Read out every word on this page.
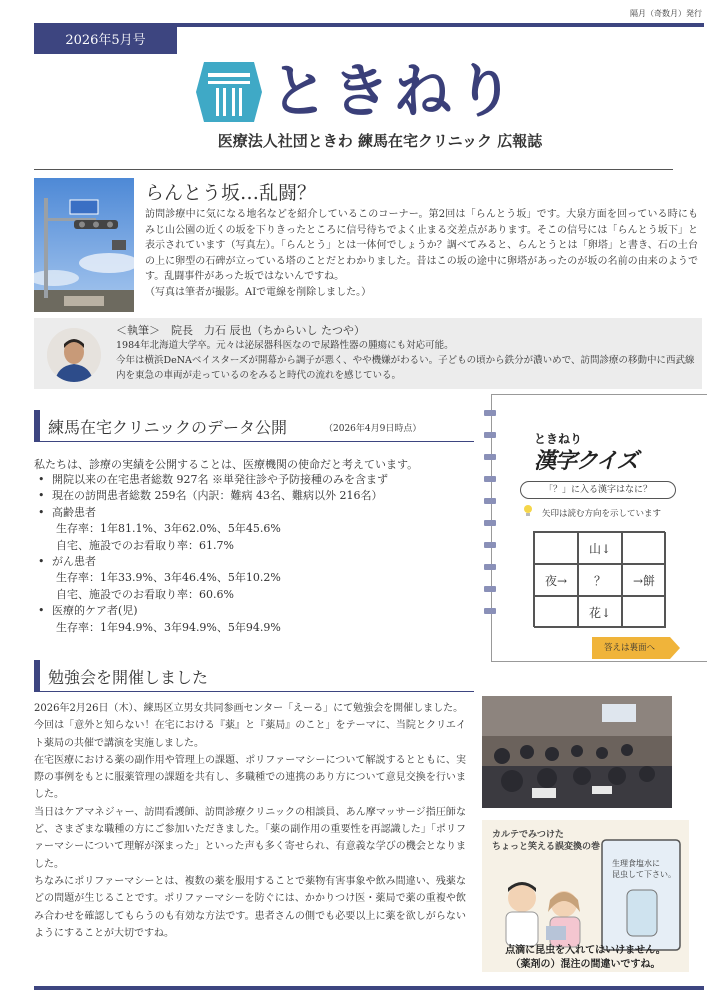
2026年5月号
隔月（奇数月）発行
ときねり
医療法人社団ときわ 練馬在宅クリニック 広報誌
らんとう坂…乱闘？
訪問診療中に気になる地名などを紹介しているこのコーナー。第2回は「らんとう坂」です。大泉方面を回っている時にもみじ山公園の近くの坂を下りきったところに信号待ちでよく止まる交差点があります。そこの信号には「らんとう坂下」と表示されています（写真左）。「らんとう」とは一体何でしょうか？調べてみると、らんとうとは「卵塔」と書き、石の土台の上に卵型の石碑が立っている塔のことだとわかりました。昔はこの坂の途中に卵塔があったのが坂の名前の由来のようです。乱闘事件があった坂ではないんですね。
（写真は筆者が撮影。AIで電線を削除しました。）
＜執筆＞　院長　力石 辰也（ちからいし たつや）
1984年北海道大学卒。元々は泌尿器科医なので尿路性器の腫瘍にも対応可能。
今年は横浜DeNAベイスターズが開幕から調子が悪く、やや機嫌がわるい。子どもの頃から鉄分が濃いめで、訪問診療の移動中に西武線内を東急の車両が走っているのをみると時代の流れを感じている。
練馬在宅クリニックのデータ公開	（2026年4月9日時点）
私たちは、診療の実績を公開することは、医療機関の使命だと考えています。
• 開院以来の在宅患者総数 927名 ※単発往診や予防接種のみを含まず
• 現在の訪問患者総数 259名（内訳：難病 43名、難病以外 216名）
• 高齢患者
生存率：1年81.1%、3年62.0%、5年45.6%
自宅、施設でのお看取り率：61.7%
• がん患者
生存率：1年33.9%、3年46.4%、5年10.2%
自宅、施設でのお看取り率：60.6%
• 医療的ケア者(児)
生存率：1年94.9%、3年94.9%、5年94.9%
ときねり
漢字クイズ
「？」に入る漢字はなに？
矢印は読む方向を示しています
山↓
夜→	？	→餅
花↓
答えは裏面へ
勉強会を開催しました
2026年2月26日（木）、練馬区立男女共同参画センター「えーる」にて勉強会を開催しました。
今回は「意外と知らない！在宅における『薬』と『薬局』のこと」をテーマに、当院とクリエイト薬局の共催で講演を実施しました。
在宅医療における薬の副作用や管理上の課題、ポリファーマシーについて解説するとともに、実際の事例をもとに服薬管理の課題を共有し、多職種での連携のあり方について意見交換を行いました。
当日はケアマネジャー、訪問看護師、訪問診療クリニックの相談員、あん摩マッサージ指圧師など、さまざまな職種の方にご参加いただきました。「薬の副作用の重要性を再認識した」「ポリファーマシーについて理解が深まった」といった声も多く寄せられ、有意義な学びの機会となりました。
ちなみにポリファーマシーとは、複数の薬を服用することで薬物有害事象や飲み間違い、残薬などの問題が生じることです。ポリファーマシーを防ぐには、かかりつけ医・薬局で薬の重複や飲み合わせを確認してもらうのも有効な方法です。患者さんの側でも必要以上に薬を欲しがらないようにすることが大切ですね。
生理食塩水に
昆虫して下さい。
カルテでみつけた
ちょっと笑える誤変換の巻
点滴に昆虫を入れてはいけません。
（薬剤の）混注の間違いですね。
